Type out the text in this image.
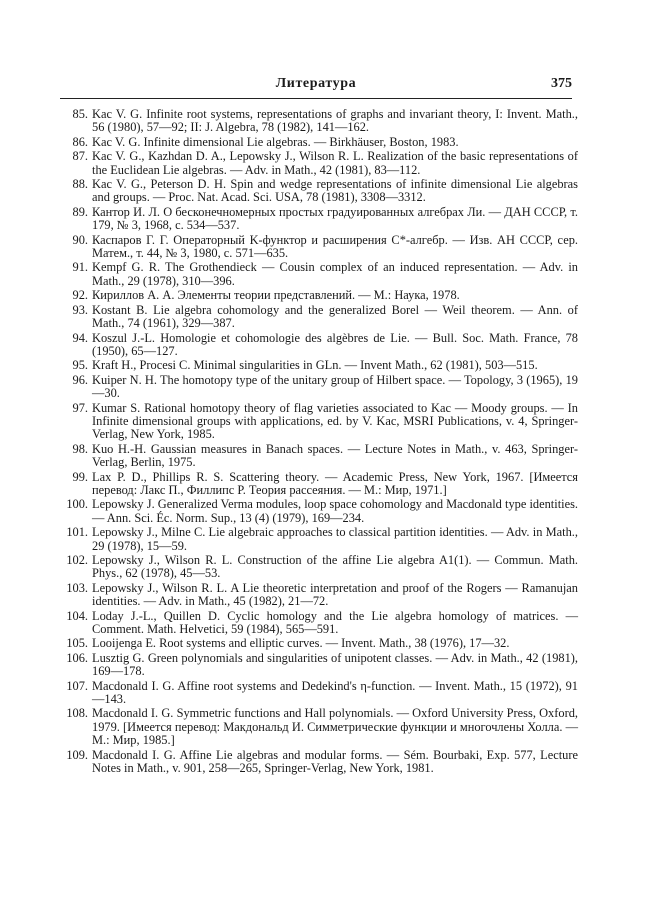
Литература	375
85. Kac V. G. Infinite root systems, representations of graphs and invariant theory, I: Invent. Math., 56 (1980), 57—92; II: J. Algebra, 78 (1982), 141—162.
86. Kac V. G. Infinite dimensional Lie algebras. — Birkhäuser, Boston, 1983.
87. Kac V. G., Kazhdan D. A., Lepowsky J., Wilson R. L. Realization of the basic representations of the Euclidean Lie algebras. — Adv. in Math., 42 (1981), 83—112.
88. Kac V. G., Peterson D. H. Spin and wedge representations of infinite dimensional Lie algebras and groups. — Proc. Nat. Acad. Sci. USA, 78 (1981), 3308—3312.
89. Кантор И. Л. О бесконечномерных простых градуированных алгебрах Ли. — ДАН СССР, т. 179, № 3, 1968, с. 534—537.
90. Каспаров Г. Г. Операторный K-функтор и расширения C*-алгебр. — Изв. АН СССР, сер. Матем., т. 44, № 3, 1980, с. 571—635.
91. Kempf G. R. The Grothendieck — Cousin complex of an induced representation. — Adv. in Math., 29 (1978), 310—396.
92. Кириллов А. А. Элементы теории представлений. — М.: Наука, 1978.
93. Kostant B. Lie algebra cohomology and the generalized Borel — Weil theorem. — Ann. of Math., 74 (1961), 329—387.
94. Koszul J.-L. Homologie et cohomologie des algèbres de Lie. — Bull. Soc. Math. France, 78 (1950), 65—127.
95. Kraft H., Procesi C. Minimal singularities in GLn. — Invent Math., 62 (1981), 503—515.
96. Kuiper N. H. The homotopy type of the unitary group of Hilbert space. — Topology, 3 (1965), 19—30.
97. Kumar S. Rational homotopy theory of flag varieties associated to Kac — Moody groups. — In Infinite dimensional groups with applications, ed. by V. Kac, MSRI Publications, v. 4, Springer-Verlag, New York, 1985.
98. Kuo H.-H. Gaussian measures in Banach spaces. — Lecture Notes in Math., v. 463, Springer-Verlag, Berlin, 1975.
99. Lax P. D., Phillips R. S. Scattering theory. — Academic Press, New York, 1967. [Имеется перевод: Лакс П., Филлипс Р. Теория рассеяния. — М.: Мир, 1971.]
100. Lepowsky J. Generalized Verma modules, loop space cohomology and Macdonald type identities. — Ann. Sci. Éc. Norm. Sup., 13 (4) (1979), 169—234.
101. Lepowsky J., Milne C. Lie algebraic approaches to classical partition identities. — Adv. in Math., 29 (1978), 15—59.
102. Lepowsky J., Wilson R. L. Construction of the affine Lie algebra A1(1). — Commun. Math. Phys., 62 (1978), 45—53.
103. Lepowsky J., Wilson R. L. A Lie theoretic interpretation and proof of the Rogers — Ramanujan identities. — Adv. in Math., 45 (1982), 21—72.
104. Loday J.-L., Quillen D. Cyclic homology and the Lie algebra homology of matrices. — Comment. Math. Helvetici, 59 (1984), 565—591.
105. Looijenga E. Root systems and elliptic curves. — Invent. Math., 38 (1976), 17—32.
106. Lusztig G. Green polynomials and singularities of unipotent classes. — Adv. in Math., 42 (1981), 169—178.
107. Macdonald I. G. Affine root systems and Dedekind's η-function. — Invent. Math., 15 (1972), 91—143.
108. Macdonald I. G. Symmetric functions and Hall polynomials. — Oxford University Press, Oxford, 1979. [Имеется перевод: Макдональд И. Симметрические функции и многочлены Холла. — М.: Мир, 1985.]
109. Macdonald I. G. Affine Lie algebras and modular forms. — Sém. Bourbaki, Exp. 577, Lecture Notes in Math., v. 901, 258—265, Springer-Verlag, New York, 1981.
